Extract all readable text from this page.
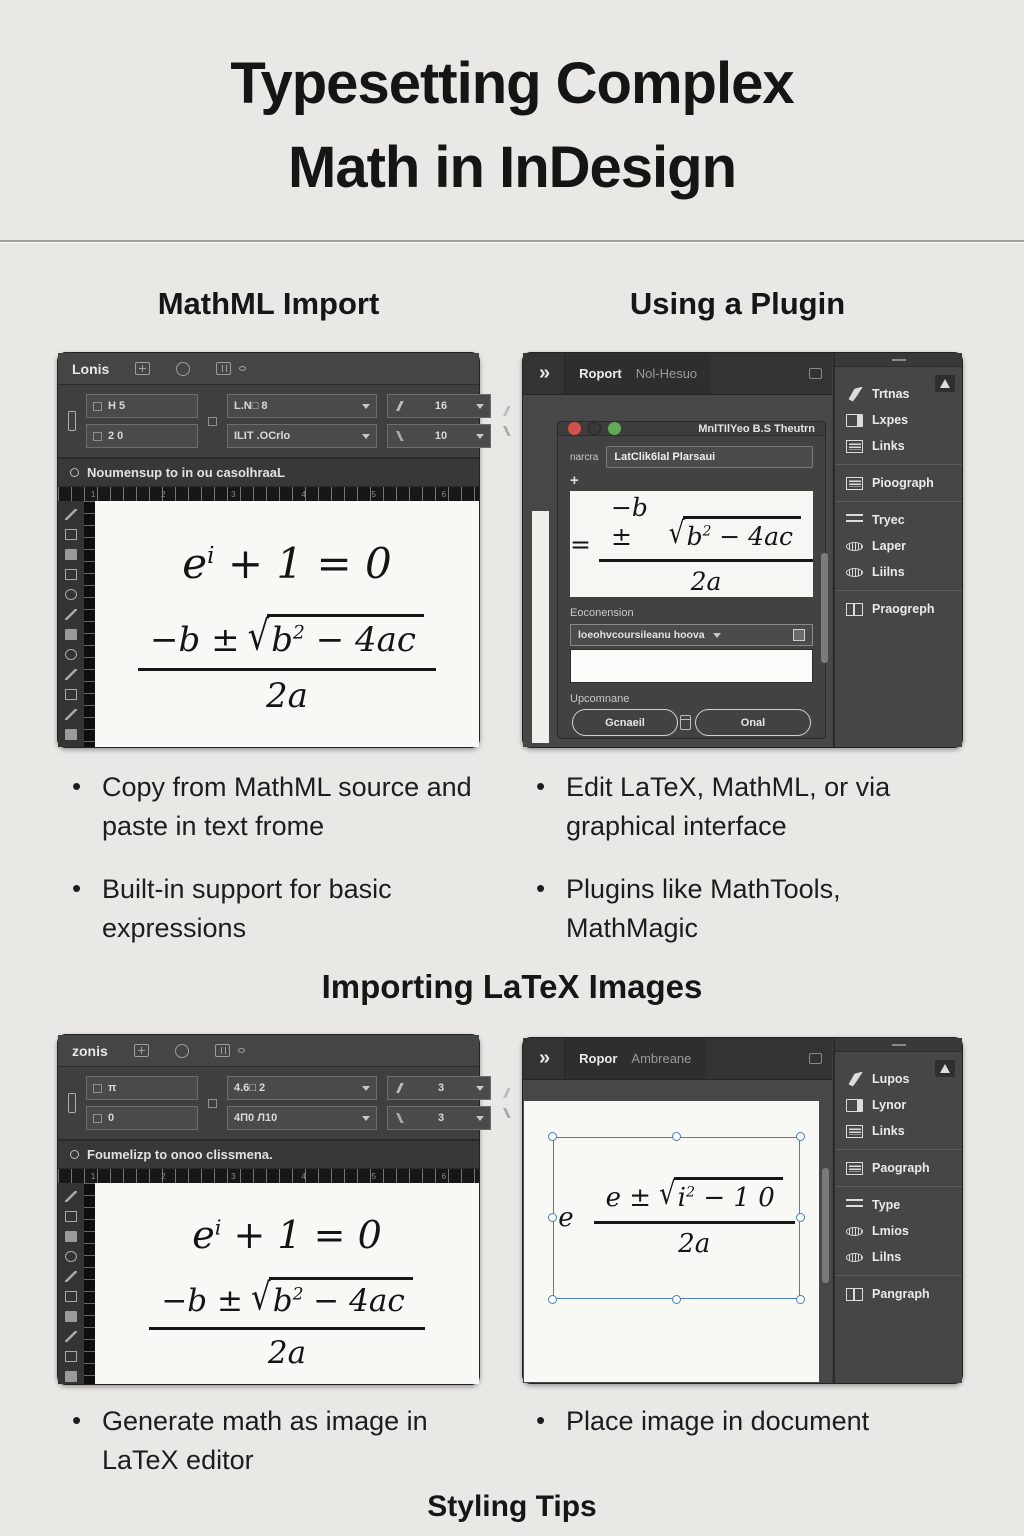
Typesetting Complex
Math in InDesign
MathML Import	Using a Plugin
Lonis
H 5
2 0
L.N□ 8
ILIT .OCrlo
16
10
Noumensup to in ou casolhraaL
1	2	3	4	5	6
$e^i + 1 = 0$
$\frac{-b \pm √ b^2 - 4ac}{2a}$
»	Roport Nol-Hesuo
MnlTIlYeo B.S Theutrn
narcra	LatClik6lal Plarsaui
+
= −b ±	√ $b^2 - 4ac$
2a
Eoconension
loeohvcoursileanu hoova
Upcomnane
Gcnaeil	Onal
Trtnas
Lxpes
Links
Pioograph
Tryec
Laper
Liilns
Praogreph
• Copy from MathML source and paste in text frome
• Built-in support for basic expressions
• Edit LaTeX, MathML, or via graphical interface
• Plugins like MathTools, MathMagic
Importing LaTeX Images
zonis
π
0
4.6□ 2
4Π0 Л10
3
3
Foumelizp to onoo clissmena.
1	2	3	4	5	6
$e^i + 1 = 0$
$\frac{-b \pm √ b^2 - 4ac}{2a}$
»	Ropor Ambreane
e $\frac{e \pm √ i^2 - 1 0}{2a}$
Lupos
Lynor
Links
Paograph
Type
Lmios
Lilns
Pangraph
• Generate math as image in LaTeX editor
• Place image in document
Styling Tips
